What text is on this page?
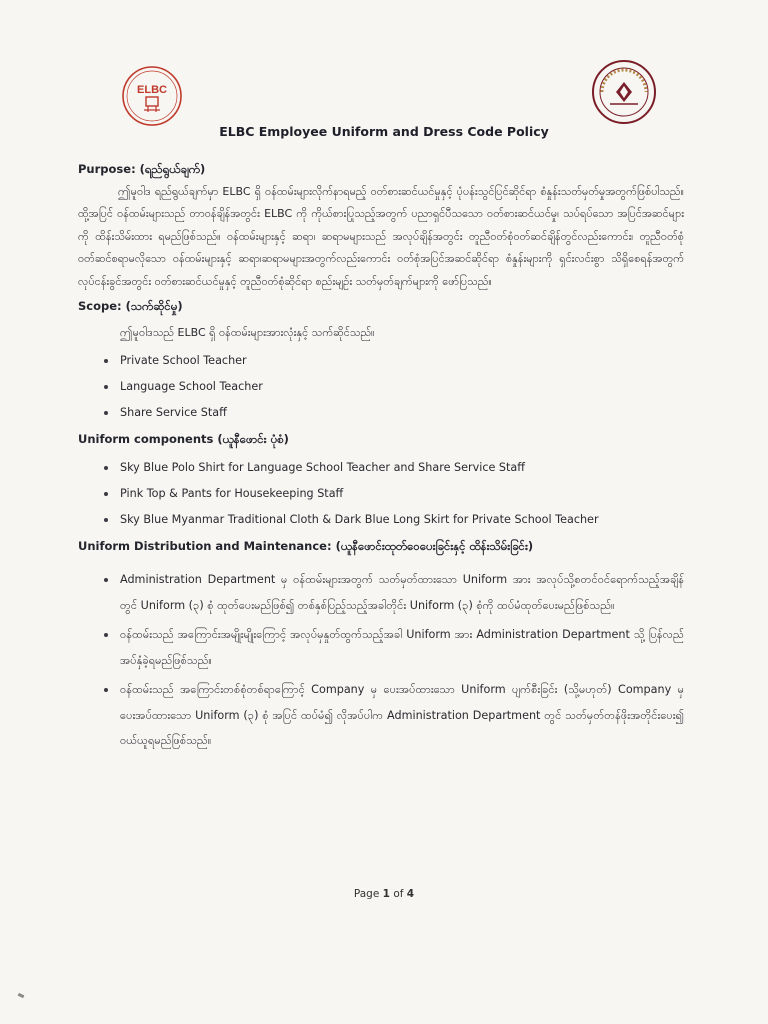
ELBC
ELBC Employee Uniform and Dress Code Policy
Purpose: (ရည်ရွယ်ချက်)

ဤမူဝါဒ ရည်ရွယ်ချက်မှာ ELBC ရှိ ဝန်ထမ်းများလိုက်နာရမည့် ဝတ်စားဆင်ယင်မှုနှင့် ပုံပန်းသွင်ပြင်ဆိုင်ရာ စံနှုန်းသတ်မှတ်မှုအတွက်ဖြစ်ပါသည်။ ထို့အပြင် ဝန်ထမ်းများသည် တာဝန်ချိန်အတွင်း ELBC ကို ကိုယ်စားပြုသည့်အတွက် ပညာရှင်ပီသသော ဝတ်စားဆင်ယင်မှု၊ သပ်ရပ်သော အပြင်အဆင်များကို ထိန်းသိမ်းထား ရမည်ဖြစ်သည်။ ဝန်ထမ်းများနှင့် ဆရာ၊ ဆရာမများသည် အလုပ်ချိန်အတွင်း တူညီဝတ်စုံဝတ်ဆင်ချိန်တွင်လည်းကောင်း၊ တူညီဝတ်စုံဝတ်ဆင်စရာမလိုသော ဝန်ထမ်းများနှင့် ဆရာ၊ဆရာမများအတွက်လည်းကောင်း ဝတ်စုံအပြင်အဆင်ဆိုင်ရာ စံနှုန်းများကို ရှင်းလင်းစွာ သိရှိစေရန်အတွက် လုပ်ငန်းခွင်အတွင်း ဝတ်စားဆင်ယင်မှုနှင့် တူညီဝတ်စုံဆိုင်ရာ စည်းမျဉ်း သတ်မှတ်ချက်များကို ဖော်ပြသည်။

Scope: (သက်ဆိုင်မှု)
ဤမူဝါဒသည် ELBC ရှိ ဝန်ထမ်းများအားလုံးနှင့် သက်ဆိုင်သည်။
Private School Teacher
Language School Teacher
Share Service Staff
Uniform components (ယူနီဖောင်း ပုံစံ)
Sky Blue Polo Shirt for Language School Teacher and Share Service Staff
Pink Top & Pants for Housekeeping Staff
Sky Blue Myanmar Traditional Cloth & Dark Blue Long Skirt for Private School Teacher
Uniform Distribution and Maintenance: (ယူနီဖောင်းထုတ်ဝေပေးခြင်းနှင့် ထိန်းသိမ်းခြင်း)
Administration Department မှ ဝန်ထမ်းများအတွက် သတ်မှတ်ထားသော Uniform အား အလုပ်သို့စတင်ဝင်ရောက်သည့်အချိန်တွင် Uniform (၃) စုံ ထုတ်ပေးမည်ဖြစ်၍ တစ်နှစ်ပြည့်သည့်အခါတိုင်း Uniform (၃) စုံကို ထပ်မံထုတ်ပေးမည်ဖြစ်သည်။
ဝန်ထမ်းသည် အကြောင်းအမျိုးမျိုးကြောင့် အလုပ်မှနှုတ်ထွက်သည့်အခါ Uniform အား Administration Department သို့ ပြန်လည်အပ်နှံခဲ့ရမည်ဖြစ်သည်။
ဝန်ထမ်းသည် အကြောင်းတစ်စုံတစ်ရာကြောင့် Company မှ ပေးအပ်ထားသော Uniform ပျက်စီးခြင်း (သို့မဟုတ်) Company မှပေးအပ်ထားသော Uniform (၃) စုံ အပြင် ထပ်မံ၍ လိုအပ်ပါက Administration Department တွင် သတ်မှတ်တန်ဖိုးအတိုင်းပေး၍ ဝယ်ယူရမည်ဖြစ်သည်။
Page 1 of 4
